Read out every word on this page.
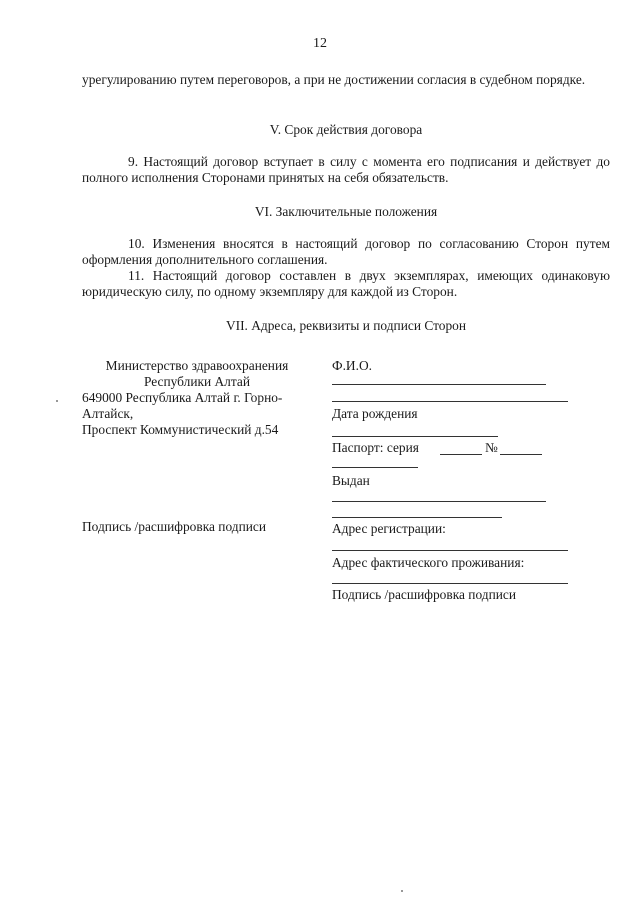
12

урегулированию путем переговоров, а при не достижении согласия в судебном порядке.

V. Срок действия договора

9. Настоящий договор вступает в силу с момента его подписания и действует до полного исполнения Сторонами принятых на себя обязательств.

VI. Заключительные положения

10. Изменения вносятся в настоящий договор по согласованию Сторон путем оформления дополнительного соглашения.

11. Настоящий договор составлен в двух экземплярах, имеющих одинаковую юридическую силу, по одному экземпляру для каждой из Сторон.

VII. Адреса, реквизиты и подписи Сторон

Министерство здравоохранения
Республики Алтай
649000 Республика Алтай г. Горно-
Алтайск,
Проспект Коммунистический д.54
Подпись /расшифровка подписи
Ф.И.О.
Дата рождения
Паспорт: серия	№
Выдан
Адрес регистрации:
Адрес фактического проживания:
Подпись /расшифровка подписи
